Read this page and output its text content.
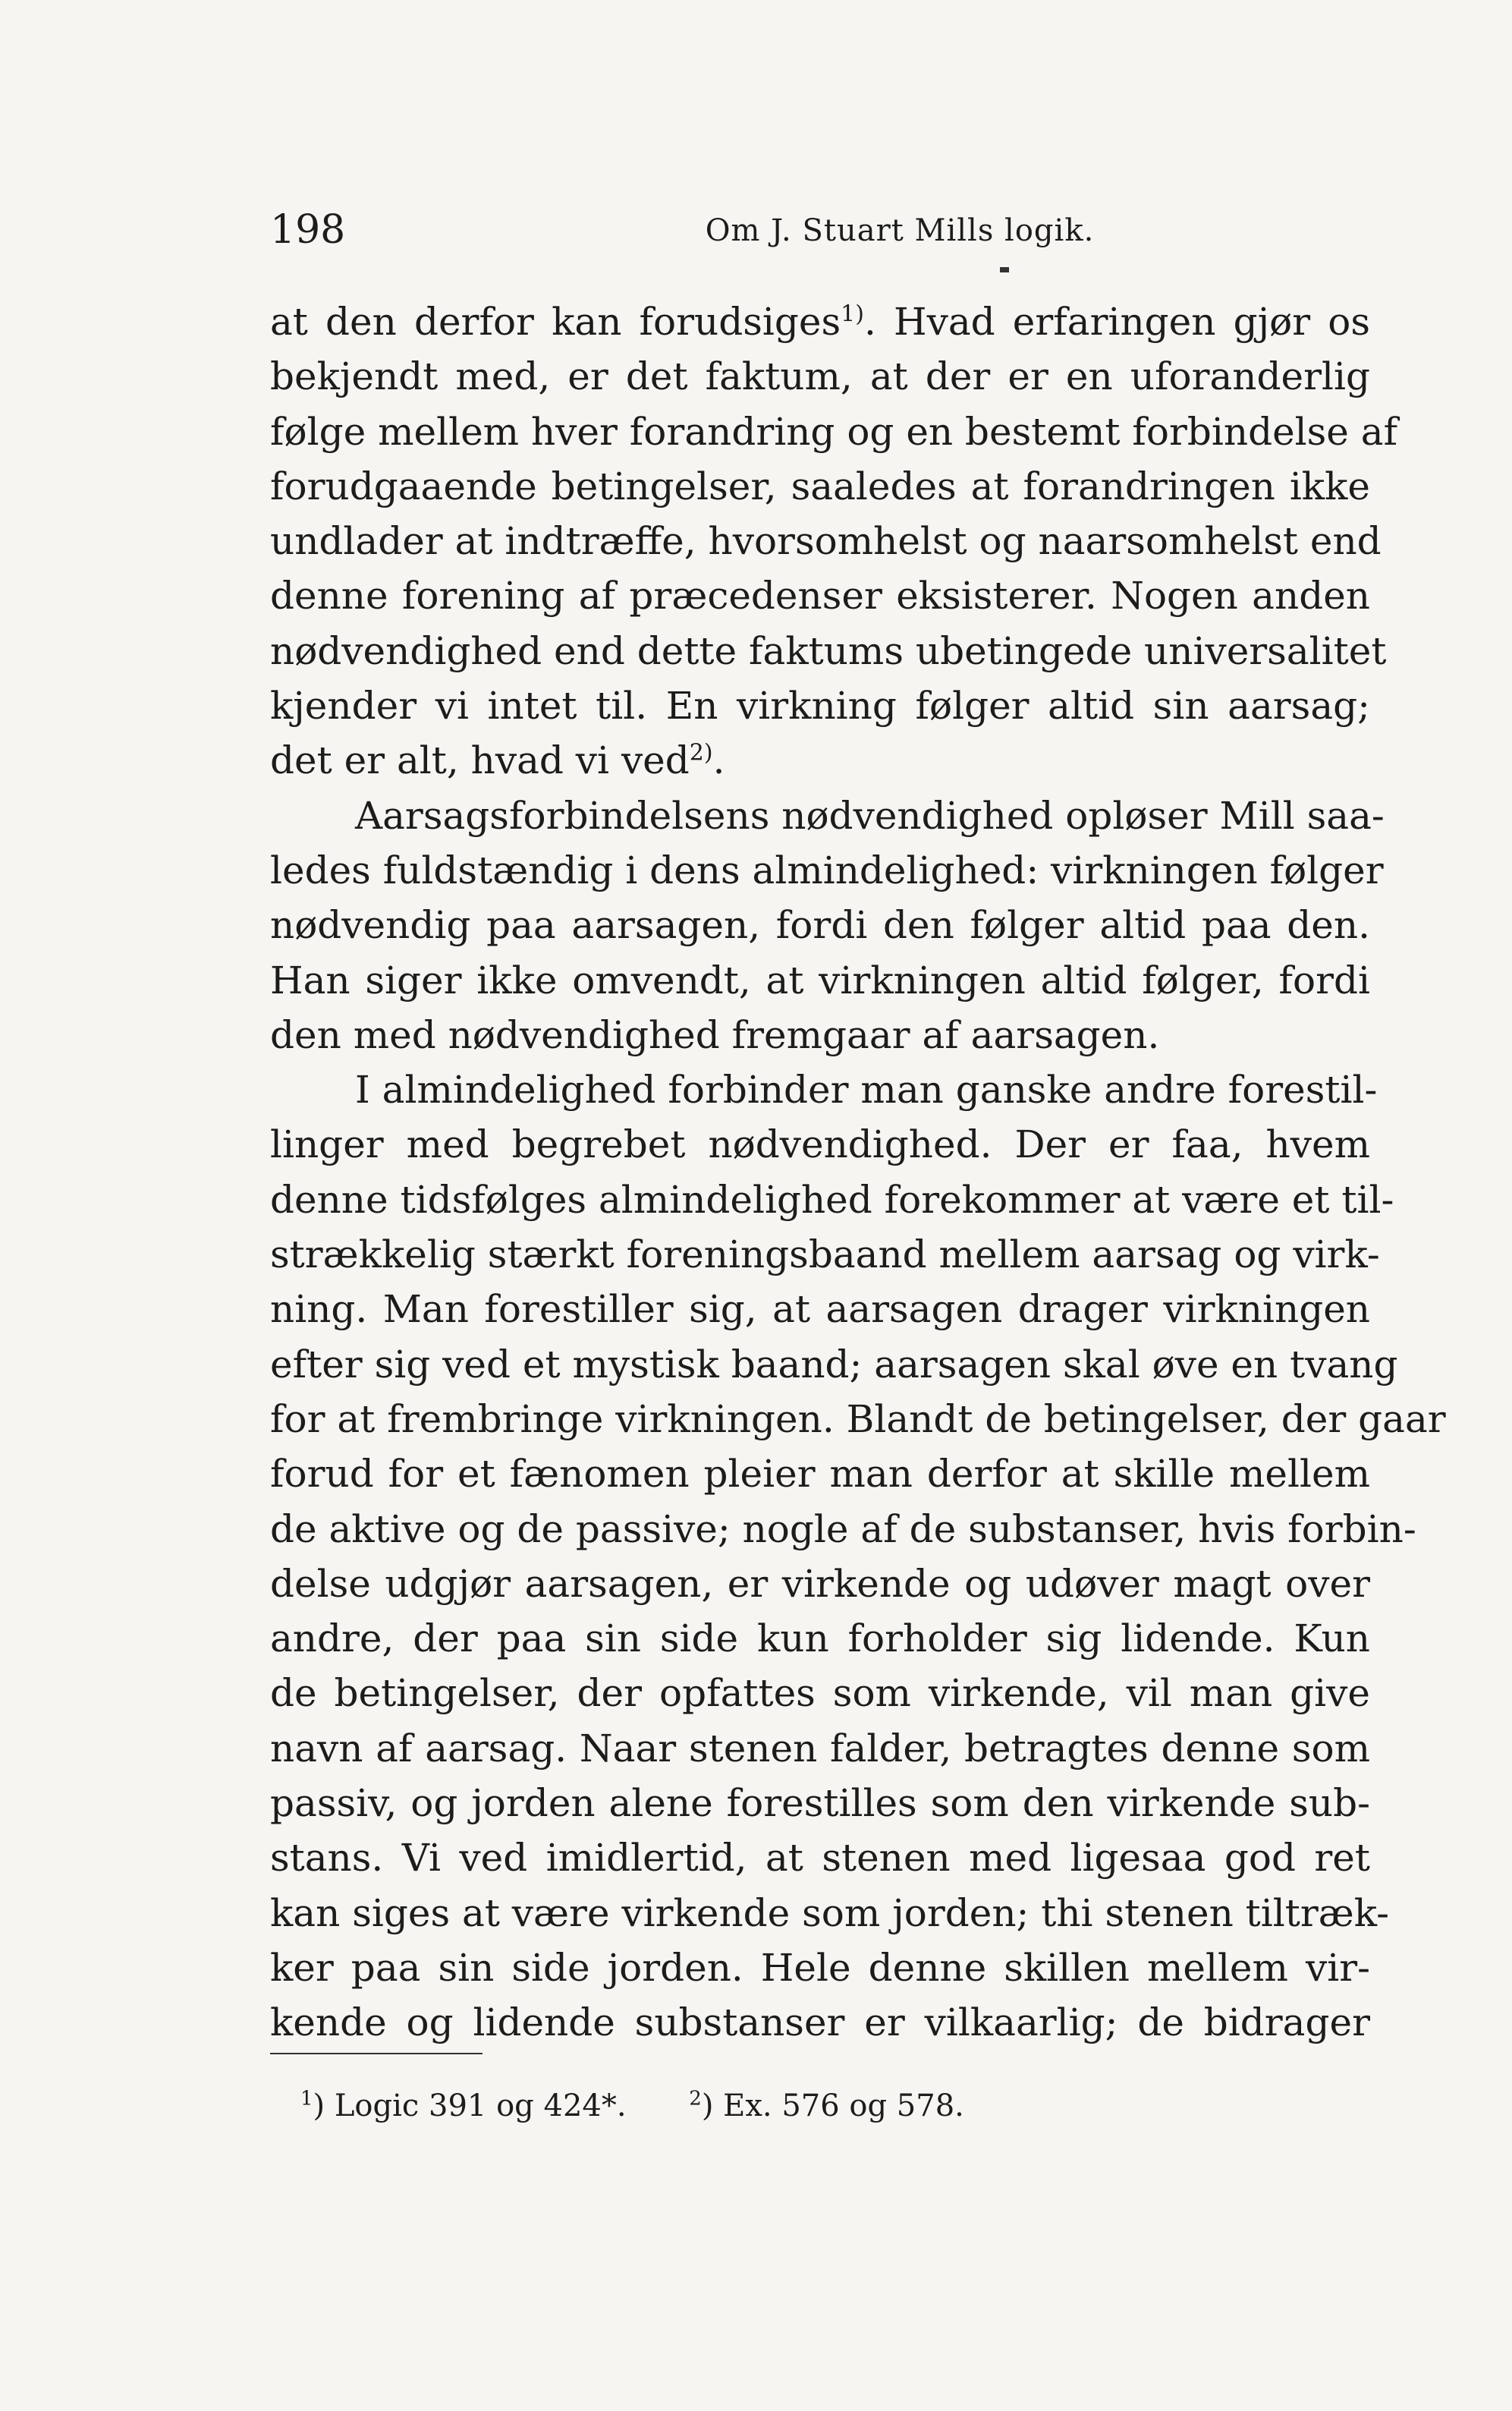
198	Om J. Stuart Mills logik.
at den derfor kan forudsiges$^{1)}$. Hvad erfaringen gjør os
bekjendt med, er det faktum, at der er en uforanderlig
følge mellem hver forandring og en bestemt forbindelse af
forudgaaende betingelser, saaledes at forandringen ikke
undlader at indtræffe, hvorsomhelst og naarsomhelst end
denne forening af præcedenser eksisterer. Nogen anden
nødvendighed end dette faktums ubetingede universalitet
kjender vi intet til. En virkning følger altid sin aarsag;
det er alt, hvad vi ved$^{2)}$.
Aarsagsforbindelsens nødvendighed opløser Mill saa-
ledes fuldstændig i dens almindelighed: virkningen følger
nødvendig paa aarsagen, fordi den følger altid paa den.
Han siger ikke omvendt, at virkningen altid følger, fordi
den med nødvendighed fremgaar af aarsagen.
I almindelighed forbinder man ganske andre forestil-
linger med begrebet nødvendighed. Der er faa, hvem
denne tidsfølges almindelighed forekommer at være et til-
strækkelig stærkt foreningsbaand mellem aarsag og virk-
ning. Man forestiller sig, at aarsagen drager virkningen
efter sig ved et mystisk baand; aarsagen skal øve en tvang
for at frembringe virkningen. Blandt de betingelser, der gaar
forud for et fænomen pleier man derfor at skille mellem
de aktive og de passive; nogle af de substanser, hvis forbin-
delse udgjør aarsagen, er virkende og udøver magt over
andre, der paa sin side kun forholder sig lidende. Kun
de betingelser, der opfattes som virkende, vil man give
navn af aarsag. Naar stenen falder, betragtes denne som
passiv, og jorden alene forestilles som den virkende sub-
stans. Vi ved imidlertid, at stenen med ligesaa god ret
kan siges at være virkende som jorden; thi stenen tiltræk-
ker paa sin side jorden. Hele denne skillen mellem vir-
kende og lidende substanser er vilkaarlig; de bidrager
$^1$) Logic 391 og 424*.	$^2$) Ex. 576 og 578.
